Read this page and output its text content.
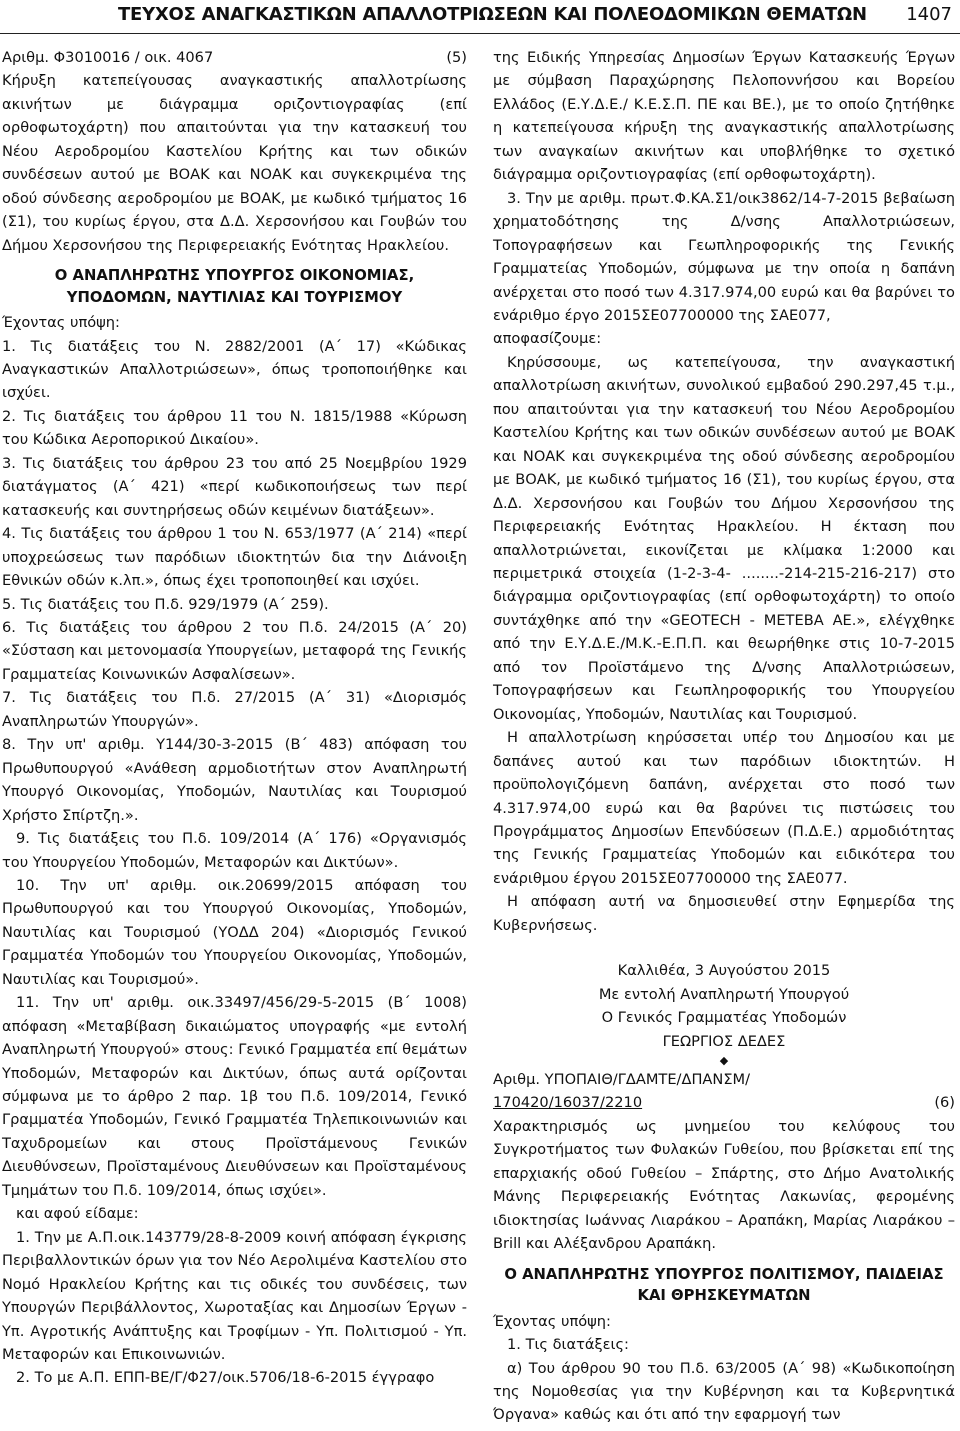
ΤΕΥΧΟΣ ΑΝΑΓΚΑΣΤΙΚΩΝ ΑΠΑΛΛΟΤΡΙΩΣΕΩΝ ΚΑΙ ΠΟΛΕΟΔΟΜΙΚΩΝ ΘΕΜΑΤΩΝ 1407

Αριθμ. Φ3010016 / οικ. 4067	(5)

Κήρυξη κατεπείγουσας αναγκαστικής απαλλοτρίωσης ακινήτων με διάγραμμα οριζοντιογραφίας (επί ορθοφωτοχάρτη) που απαιτούνται για την κατασκευή του Νέου Αεροδρομίου Καστελίου Κρήτης και των οδικών συνδέσεων αυτού με ΒΟΑΚ και ΝΟΑΚ και συγκεκριμένα της οδού σύνδεσης αεροδρομίου με ΒΟΑΚ, με κωδικό τμήματος 16 (Σ1), του κυρίως έργου, στα Δ.Δ. Χερσονήσου και Γουβών του Δήμου Χερσονήσου της Περιφερειακής Ενότητας Ηρακλείου.

Ο ΑΝΑΠΛΗΡΩΤΗΣ ΥΠΟΥΡΓΟΣ ΟΙΚΟΝΟΜΙΑΣ, ΥΠΟΔΟΜΩΝ, ΝΑΥΤΙΛΙΑΣ ΚΑΙ ΤΟΥΡΙΣΜΟΥ

Έχοντας υπόψη:

1. Τις διατάξεις του Ν. 2882/2001 (Α΄ 17) «Κώδικας Αναγκαστικών Απαλλοτριώσεων», όπως τροποποιήθηκε και ισχύει.

2. Τις διατάξεις του άρθρου 11 του Ν. 1815/1988 «Κύρωση του Κώδικα Αεροπορικού Δικαίου».

3. Τις διατάξεις του άρθρου 23 του από 25 Νοεμβρίου 1929 διατάγματος (Α΄ 421) «περί κωδικοποιήσεως των περί κατασκευής και συντηρήσεως οδών κειμένων διατάξεων».

4. Τις διατάξεις του άρθρου 1 του Ν. 653/1977 (Α΄ 214) «περί υποχρεώσεως των παρόδιων ιδιοκτητών δια την Διάνοιξη Εθνικών οδών κ.λπ.», όπως έχει τροποποιηθεί και ισχύει.

5. Τις διατάξεις του Π.δ. 929/1979 (Α΄ 259).

6. Τις διατάξεις του άρθρου 2 του Π.δ. 24/2015 (Α΄ 20) «Σύσταση και μετονομασία Υπουργείων, μεταφορά της Γενικής Γραμματείας Κοινωνικών Ασφαλίσεων».

7. Τις διατάξεις του Π.δ. 27/2015 (Α΄ 31) «Διορισμός Αναπληρωτών Υπουργών».

8. Την υπ' αριθμ. Υ144/30-3-2015 (Β΄ 483) απόφαση του Πρωθυπουργού «Ανάθεση αρμοδιοτήτων στον Αναπληρωτή Υπουργό Οικονομίας, Υποδομών, Ναυτιλίας και Τουρισμού Χρήστο Σπίρτζη.».

9. Τις διατάξεις του Π.δ. 109/2014 (Α΄ 176) «Οργανισμός του Υπουργείου Υποδομών, Μεταφορών και Δικτύων».

10. Την υπ' αριθμ. οικ.20699/2015 απόφαση του Πρωθυπουργού και του Υπουργού Οικονομίας, Υποδομών, Ναυτιλίας και Τουρισμού (ΥΟΔΔ 204) «Διορισμός Γενικού Γραμματέα Υποδομών του Υπουργείου Οικονομίας, Υποδομών, Ναυτιλίας και Τουρισμού».

11. Την υπ' αριθμ. οικ.33497/456/29-5-2015 (Β΄ 1008) απόφαση «Μεταβίβαση δικαιώματος υπογραφής «με εντολή Αναπληρωτή Υπουργού» στους: Γενικό Γραμματέα επί θεμάτων Υποδομών, Μεταφορών και Δικτύων, όπως αυτά ορίζονται σύμφωνα με το άρθρο 2 παρ. 1β του Π.δ. 109/2014, Γενικό Γραμματέα Υποδομών, Γενικό Γραμματέα Τηλεπικοινωνιών και Ταχυδρομείων και στους Προϊστάμενους Γενικών Διευθύνσεων, Προϊσταμένους Διευθύνσεων και Προϊσταμένους Τμημάτων του Π.δ. 109/2014, όπως ισχύει».

και αφού είδαμε:

1. Την με Α.Π.οικ.143779/28-8-2009 κοινή απόφαση έγκρισης Περιβαλλοντικών όρων για τον Νέο Αερολιμένα Καστελίου στο Νομό Ηρακλείου Κρήτης και τις οδικές του συνδέσεις, των Υπουργών Περιβάλλοντος, Χωροταξίας και Δημοσίων Έργων - Υπ. Αγροτικής Ανάπτυξης και Τροφίμων - Υπ. Πολιτισμού - Υπ. Μεταφορών και Επικοινωνιών.

2. Το με Α.Π. ΕΠΠ-ΒΕ/Γ/Φ27/οικ.5706/18-6-2015 έγγραφο

της Ειδικής Υπηρεσίας Δημοσίων Έργων Κατασκευής Έργων με σύμβαση Παραχώρησης Πελοποννήσου και Βορείου Ελλάδος (Ε.Υ.Δ.Ε./ Κ.Ε.Σ.Π. ΠΕ και ΒΕ.), με το οποίο ζητήθηκε η κατεπείγουσα κήρυξη της αναγκαστικής απαλλοτρίωσης των αναγκαίων ακινήτων και υποβλήθηκε το σχετικό διάγραμμα οριζοντιογραφίας (επί ορθοφωτοχάρτη).

3. Την με αριθμ. πρωτ.Φ.ΚΑ.Σ1/οικ3862/14-7-2015 βεβαίωση χρηματοδότησης της Δ/νσης Απαλλοτριώσεων, Τοπογραφήσεων και Γεωπληροφορικής της Γενικής Γραμματείας Υποδομών, σύμφωνα με την οποία η δαπάνη ανέρχεται στο ποσό των 4.317.974,00 ευρώ και θα βαρύνει το ενάριθμο έργο 2015ΣΕ07700000 της ΣΑΕ077,

αποφασίζουμε:

Κηρύσσουμε, ως κατεπείγουσα, την αναγκαστική απαλλοτρίωση ακινήτων, συνολικού εμβαδού 290.297,45 τ.μ., που απαιτούνται για την κατασκευή του Νέου Αεροδρομίου Καστελίου Κρήτης και των οδικών συνδέσεων αυτού με ΒΟΑΚ και ΝΟΑΚ και συγκεκριμένα της οδού σύνδεσης αεροδρομίου με ΒΟΑΚ, με κωδικό τμήματος 16 (Σ1), του κυρίως έργου, στα Δ.Δ. Χερσονήσου και Γουβών του Δήμου Χερσονήσου της Περιφερειακής Ενότητας Ηρακλείου. Η έκταση που απαλλοτριώνεται, εικονίζεται με κλίμακα 1:2000 και περιμετρικά στοιχεία (1-2-3-4- ........-214-215-216-217) στο διάγραμμα οριζοντιογραφίας (επί ορθοφωτοχάρτη) το οποίο συντάχθηκε από την «GEOTECH - ΜΕΤΕΒΑ ΑΕ.», ελέγχθηκε από την Ε.Υ.Δ.Ε./Μ.Κ.-Ε.Π.Π. και θεωρήθηκε στις 10-7-2015 από τον Προϊστάμενο της Δ/νσης Απαλλοτριώσεων, Τοπογραφήσεων και Γεωπληροφορικής του Υπουργείου Οικονομίας, Υποδομών, Ναυτιλίας και Τουρισμού.

Η απαλλοτρίωση κηρύσσεται υπέρ του Δημοσίου και με δαπάνες αυτού και των παρόδιων ιδιοκτητών. Η προϋπολογιζόμενη δαπάνη, ανέρχεται στο ποσό των 4.317.974,00 ευρώ και θα βαρύνει τις πιστώσεις του Προγράμματος Δημοσίων Επενδύσεων (Π.Δ.Ε.) αρμοδιότητας της Γενικής Γραμματείας Υποδομών και ειδικότερα του ενάριθμου έργου 2015ΣΕ07700000 της ΣΑΕ077.

Η απόφαση αυτή να δημοσιευθεί στην Εφημερίδα της Κυβερνήσεως.

Καλλιθέα, 3 Αυγούστου 2015

Με εντολή Αναπληρωτή Υπουργού

Ο Γενικός Γραμματέας Υποδομών

ΓΕΩΡΓΙΟΣ ΔΕΔΕΣ

◆

Αριθμ. ΥΠΟΠΑΙΘ/ΓΔΑΜΤΕ/ΔΠΑΝΣΜ/

170420/16037/2210	(6)

Χαρακτηρισμός ως μνημείου του κελύφους του Συγκροτήματος των Φυλακών Γυθείου, που βρίσκεται επί της επαρχιακής οδού Γυθείου – Σπάρτης, στο Δήμο Ανατολικής Μάνης Περιφερειακής Ενότητας Λακωνίας, φερομένης ιδιοκτησίας Ιωάννας Λιαράκου – Αραπάκη, Μαρίας Λιαράκου – Brill και Αλέξανδρου Αραπάκη.

Ο ΑΝΑΠΛΗΡΩΤΗΣ ΥΠΟΥΡΓΟΣ ΠΟΛΙΤΙΣΜΟΥ, ΠΑΙΔΕΙΑΣ ΚΑΙ ΘΡΗΣΚΕΥΜΑΤΩΝ

Έχοντας υπόψη:

1. Τις διατάξεις:

α) Του άρθρου 90 του Π.δ. 63/2005 (Α΄ 98) «Κωδικοποίηση της Νομοθεσίας για την Κυβέρνηση και τα Κυβερνητικά Όργανα» καθώς και ότι από την εφαρμογή των
